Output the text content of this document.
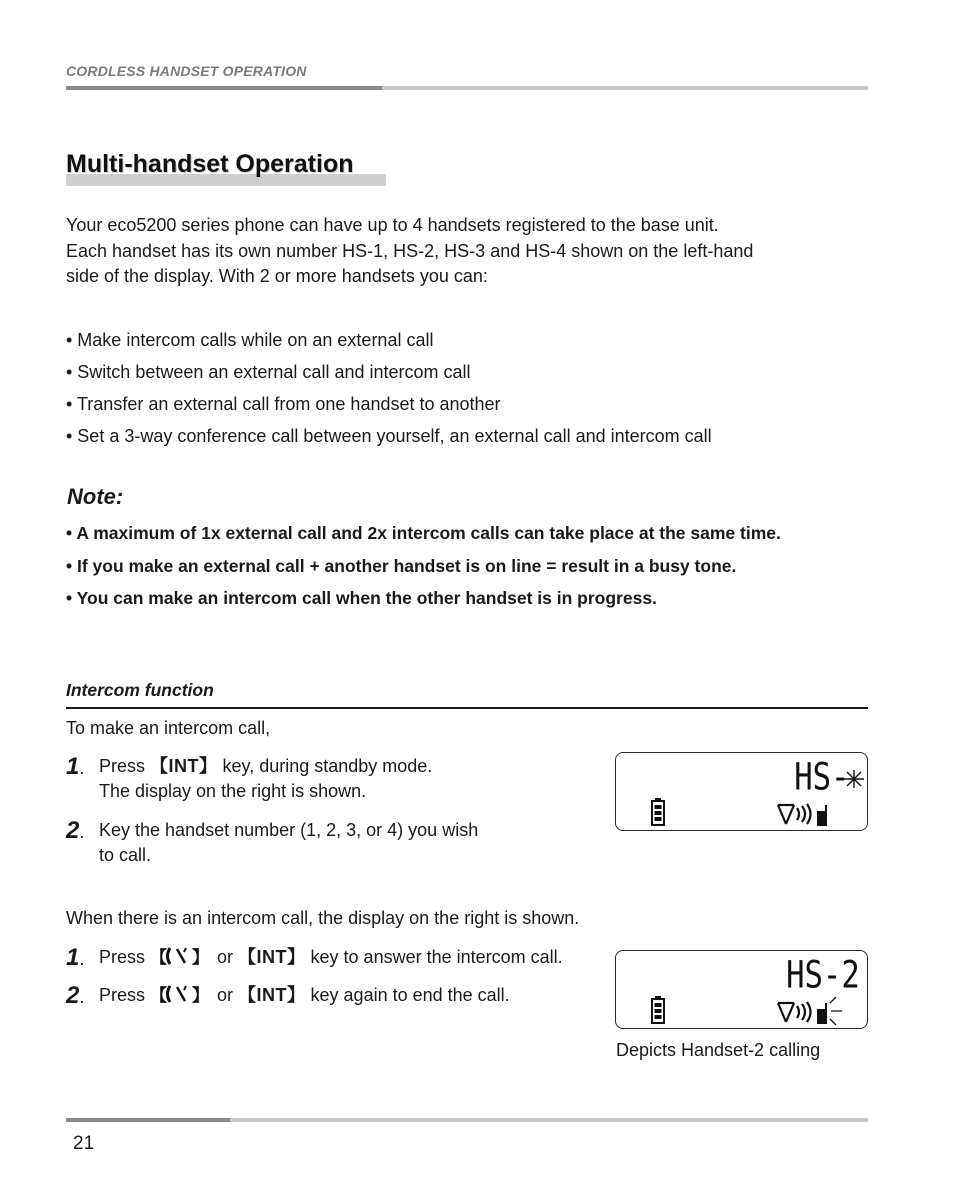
CORDLESS HANDSET OPERATION
Multi-handset Operation
Your eco5200 series phone can have up to 4 handsets registered to the base unit.
Each handset has its own number HS-1, HS-2, HS-3 and HS-4 shown on the left-hand
side of the display. With 2 or more handsets you can:
• Make intercom calls while on an external call
• Switch between an external call and intercom call
• Transfer an external call from one handset to another
• Set a 3-way conference call between yourself, an external call and intercom call
Note:
• A maximum of 1x external call and 2x intercom calls can take place at the same time.
• If you make an external call + another handset is on line = result in a busy tone.
• You can make an intercom call when the other handset is in progress.
Intercom function
To make an intercom call,
1. Press 【INT】 key, during standby mode.
The display on the right is shown.
2. Key the handset number (1, 2, 3, or 4) you wish
to call.
HS-
When there is an intercom call, the display on the right is shown.
1. Press 【 】 or 【INT】 key to answer the intercom call.
2. Press 【 】 or 【INT】 key again to end the call.	HS-2
Depicts Handset-2 calling
21
